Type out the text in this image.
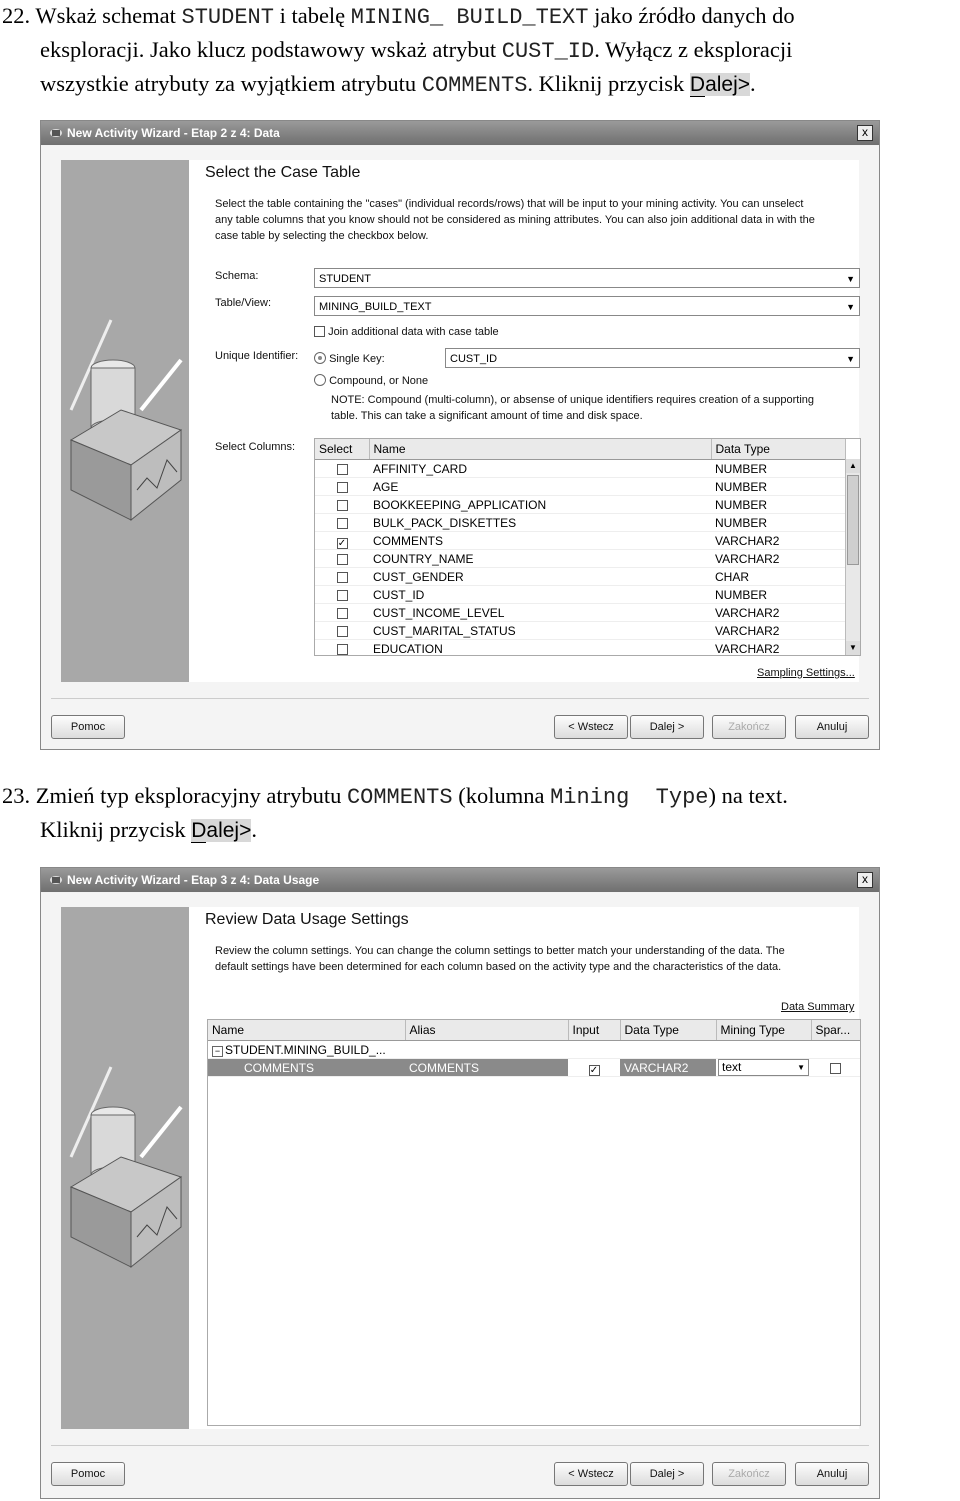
22. Wskaż schemat STUDENT i tabelę MINING_ BUILD_TEXT jako źródło danych do
eksploracji. Jako klucz podstawowy wskaż atrybut CUST_ID. Wyłącz z eksploracji
wszystkie atrybuty za wyjątkiem atrybutu COMMENTS. Kliknij przycisk Dalej>.
New Activity Wizard - Etap 2 z 4: Data	x
Select the Case Table
Select the table containing the "cases" (individual records/rows) that will be input to your mining activity. You can unselect
any table columns that you know should not be considered as mining attributes. You can also join additional data in with the
case table by selecting the checkbox below.
Schema:	STUDENT	▼
Table/View:	MINING_BUILD_TEXT	▼
Join additional data with case table
Unique Identifier:	Single Key:	CUST_ID	▼
Compound, or None
NOTE: Compound (multi-column), or absense of unique identifiers requires creation of a supporting
table. This can take a significant amount of time and disk space.
Select Columns: Select	Name	Data Type
	AFFINITY_CARD	NUMBER
	AGE	NUMBER
	BOOKKEEPING_APPLICATION	NUMBER
	BULK_PACK_DISKETTES	NUMBER
✓	COMMENTS	VARCHAR2
	COUNTRY_NAME	VARCHAR2
	CUST_GENDER	CHAR
	CUST_ID	NUMBER
	CUST_INCOME_LEVEL	VARCHAR2
	CUST_MARITAL_STATUS	VARCHAR2
	EDUCATION	VARCHAR2
▲
▼
Sampling Settings...
Pomoc	< Wstecz	Dalej >	Zakończ	Anuluj
23. Zmień typ eksploracyjny atrybutu COMMENTS (kolumna Mining  Type) na text.
Kliknij przycisk Dalej>.
New Activity Wizard - Etap 3 z 4: Data Usage	x
Review Data Usage Settings
Review the column settings. You can change the column settings to better match your understanding of the data. The
default settings have been determined for each column based on the activity type and the characteristics of the data.
Data Summary
Name	Alias	Input	Data Type	Mining Type	Spar...
− STUDENT.MINING_BUILD_...					
COMMENTS	COMMENTS	✓	VARCHAR2	text ▼	

Pomoc	< Wstecz	Dalej >	Zakończ	Anuluj
